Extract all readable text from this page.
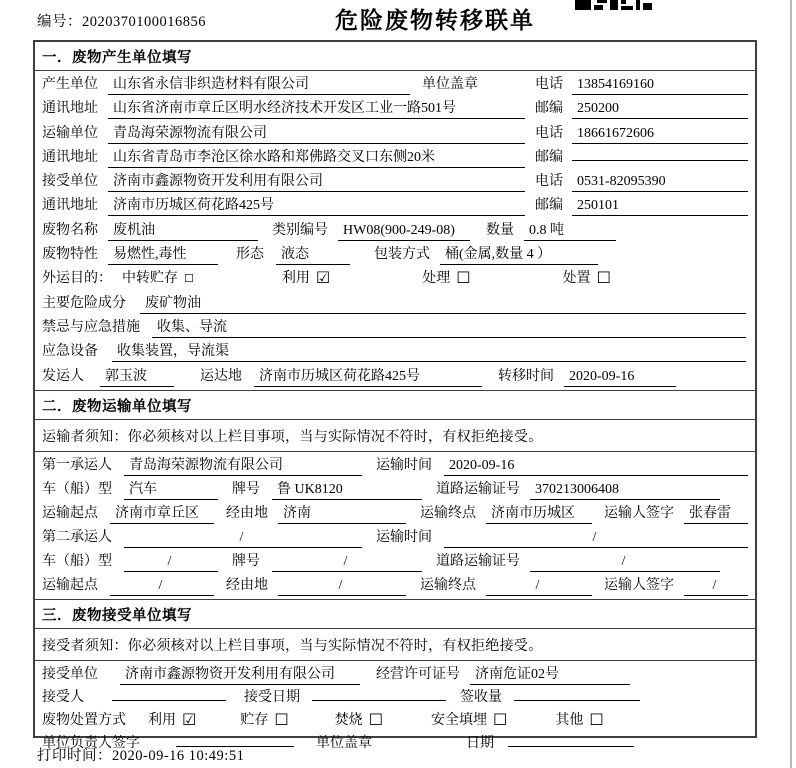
编号：2020370100016856	危险废物转移联单
一．废物产生单位填写
产生单位	山东省永信非织造材料有限公司	单位盖章	电话	13854169160
通讯地址	山东省济南市章丘区明水经济技术开发区工业一路501号	邮编	250200
运输单位	青岛海荣源物流有限公司	电话	18661672606
通讯地址	山东省青岛市李沧区徐水路和郑佛路交叉口东侧20米	邮编
接受单位	济南市鑫源物资开发利用有限公司	电话	0531-82095390
通讯地址	济南市历城区荷花路425号	邮编	250101
废物名称	废机油	类别编号	HW08(900-249-08)	数量	0.8 吨
废物特性	易燃性,毒性	形态	液态	包装方式	桶(金属,数量 4 ）
外运目的： 中转贮存 ☐	利用 ☑	处理 ☐	处置 ☐
主要危险成分	废矿物油
禁忌与应急措施	收集、导流
应急设备	收集装置，导流渠
发运人	郭玉波	运达地	济南市历城区荷花路425号	转移时间	2020-09-16
二．废物运输单位填写
运输者须知：你必须核对以上栏目事项，当与实际情况不符时，有权拒绝接受。
第一承运人	青岛海荣源物流有限公司	运输时间	2020-09-16
车（船）型	汽车	牌号	鲁 UK8120	道路运输证号	370213006408
运输起点	济南市章丘区	经由地	济南	运输终点	济南市历城区	运输人签字	张春雷
第二承运人	/	运输时间	/
车（船）型	/	牌号	/	道路运输证号	/
运输起点	/	经由地	/	运输终点	/	运输人签字	/
三．废物接受单位填写
接受者须知：你必须核对以上栏目事项，当与实际情况不符时，有权拒绝接受。
接受单位	济南市鑫源物资开发利用有限公司	经营许可证号	济南危证02号
接受人	接受日期	签收量
废物处置方式 利用 ☑	贮存 ☐	焚烧 ☐	安全填埋 ☐	其他 ☐
单位负责人签字	单位盖章	日期
打印时间：2020-09-16 10:49:51
